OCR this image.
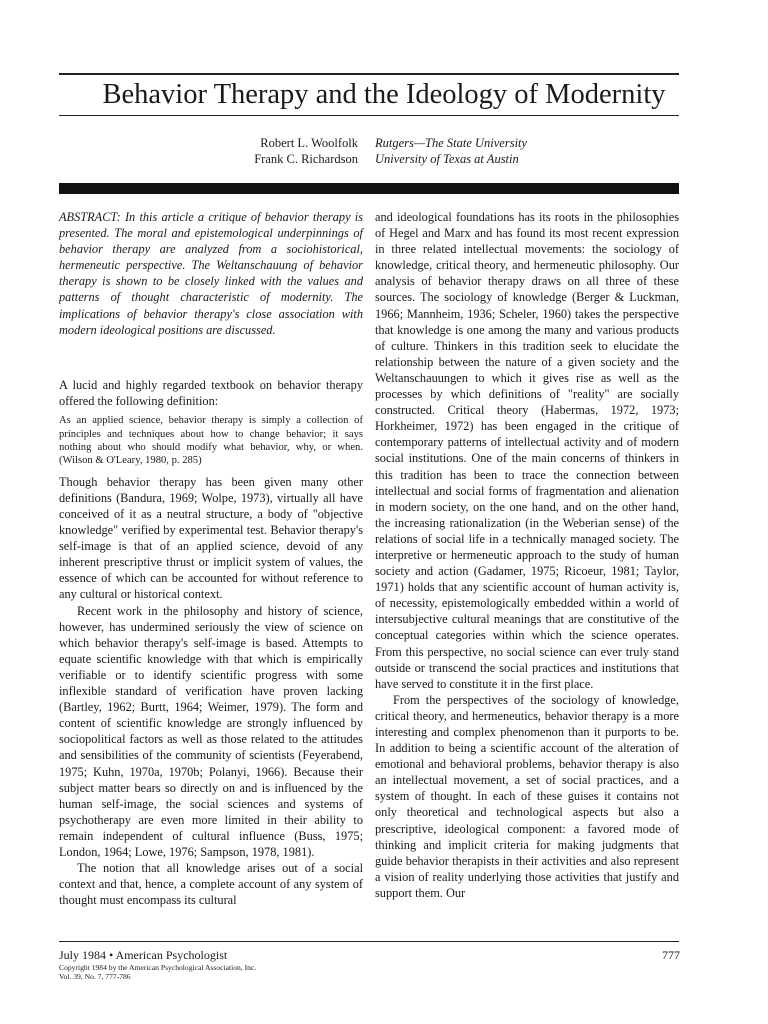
Behavior Therapy and the Ideology of Modernity
Robert L. Woolfolk
Frank C. Richardson
Rutgers—The State University
University of Texas at Austin

ABSTRACT: In this article a critique of behavior therapy is presented. The moral and epistemological underpinnings of behavior therapy are analyzed from a sociohistorical, hermeneutic perspective. The Weltanschauung of behavior therapy is shown to be closely linked with the values and patterns of thought characteristic of modernity. The implications of behavior therapy's close association with modern ideological positions are discussed.

A lucid and highly regarded textbook on behavior therapy offered the following definition:

As an applied science, behavior therapy is simply a collection of principles and techniques about how to change behavior; it says nothing about who should modify what behavior, why, or when. (Wilson & O'Leary, 1980, p. 285)

Though behavior therapy has been given many other definitions (Bandura, 1969; Wolpe, 1973), virtually all have conceived of it as a neutral structure, a body of "objective knowledge" verified by experimental test. Behavior therapy's self-image is that of an applied science, devoid of any inherent prescriptive thrust or implicit system of values, the essence of which can be accounted for without reference to any cultural or historical context.

Recent work in the philosophy and history of science, however, has undermined seriously the view of science on which behavior therapy's self-image is based. Attempts to equate scientific knowledge with that which is empirically verifiable or to identify scientific progress with some inflexible standard of verification have proven lacking (Bartley, 1962; Burtt, 1964; Weimer, 1979). The form and content of scientific knowledge are strongly influenced by sociopolitical factors as well as those related to the attitudes and sensibilities of the community of scientists (Feyerabend, 1975; Kuhn, 1970a, 1970b; Polanyi, 1966). Because their subject matter bears so directly on and is influenced by the human self-image, the social sciences and systems of psychotherapy are even more limited in their ability to remain independent of cultural influence (Buss, 1975; London, 1964; Lowe, 1976; Sampson, 1978, 1981).

The notion that all knowledge arises out of a social context and that, hence, a complete account of any system of thought must encompass its cultural

and ideological foundations has its roots in the philosophies of Hegel and Marx and has found its most recent expression in three related intellectual movements: the sociology of knowledge, critical theory, and hermeneutic philosophy. Our analysis of behavior therapy draws on all three of these sources. The sociology of knowledge (Berger & Luckman, 1966; Mannheim, 1936; Scheler, 1960) takes the perspective that knowledge is one among the many and various products of culture. Thinkers in this tradition seek to elucidate the relationship between the nature of a given society and the Weltanschauungen to which it gives rise as well as the processes by which definitions of "reality" are socially constructed. Critical theory (Habermas, 1972, 1973; Horkheimer, 1972) has been engaged in the critique of contemporary patterns of intellectual activity and of modern social institutions. One of the main concerns of thinkers in this tradition has been to trace the connection between intellectual and social forms of fragmentation and alienation in modern society, on the one hand, and on the other hand, the increasing rationalization (in the Weberian sense) of the relations of social life in a technically managed society. The interpretive or hermeneutic approach to the study of human society and action (Gadamer, 1975; Ricoeur, 1981; Taylor, 1971) holds that any scientific account of human activity is, of necessity, epistemologically embedded within a world of intersubjective cultural meanings that are constitutive of the conceptual categories within which the science operates. From this perspective, no social science can ever truly stand outside or transcend the social practices and institutions that have served to constitute it in the first place.

From the perspectives of the sociology of knowledge, critical theory, and hermeneutics, behavior therapy is a more interesting and complex phenomenon than it purports to be. In addition to being a scientific account of the alteration of emotional and behavioral problems, behavior therapy is also an intellectual movement, a set of social practices, and a system of thought. In each of these guises it contains not only theoretical and technological aspects but also a prescriptive, ideological component: a favored mode of thinking and implicit criteria for making judgments that guide behavior therapists in their activities and also represent a vision of reality underlying those activities that justify and support them. Our

July 1984 • American Psychologist	777
Copyright 1984 by the American Psychological Association, Inc.
Vol. 39, No. 7, 777-786
